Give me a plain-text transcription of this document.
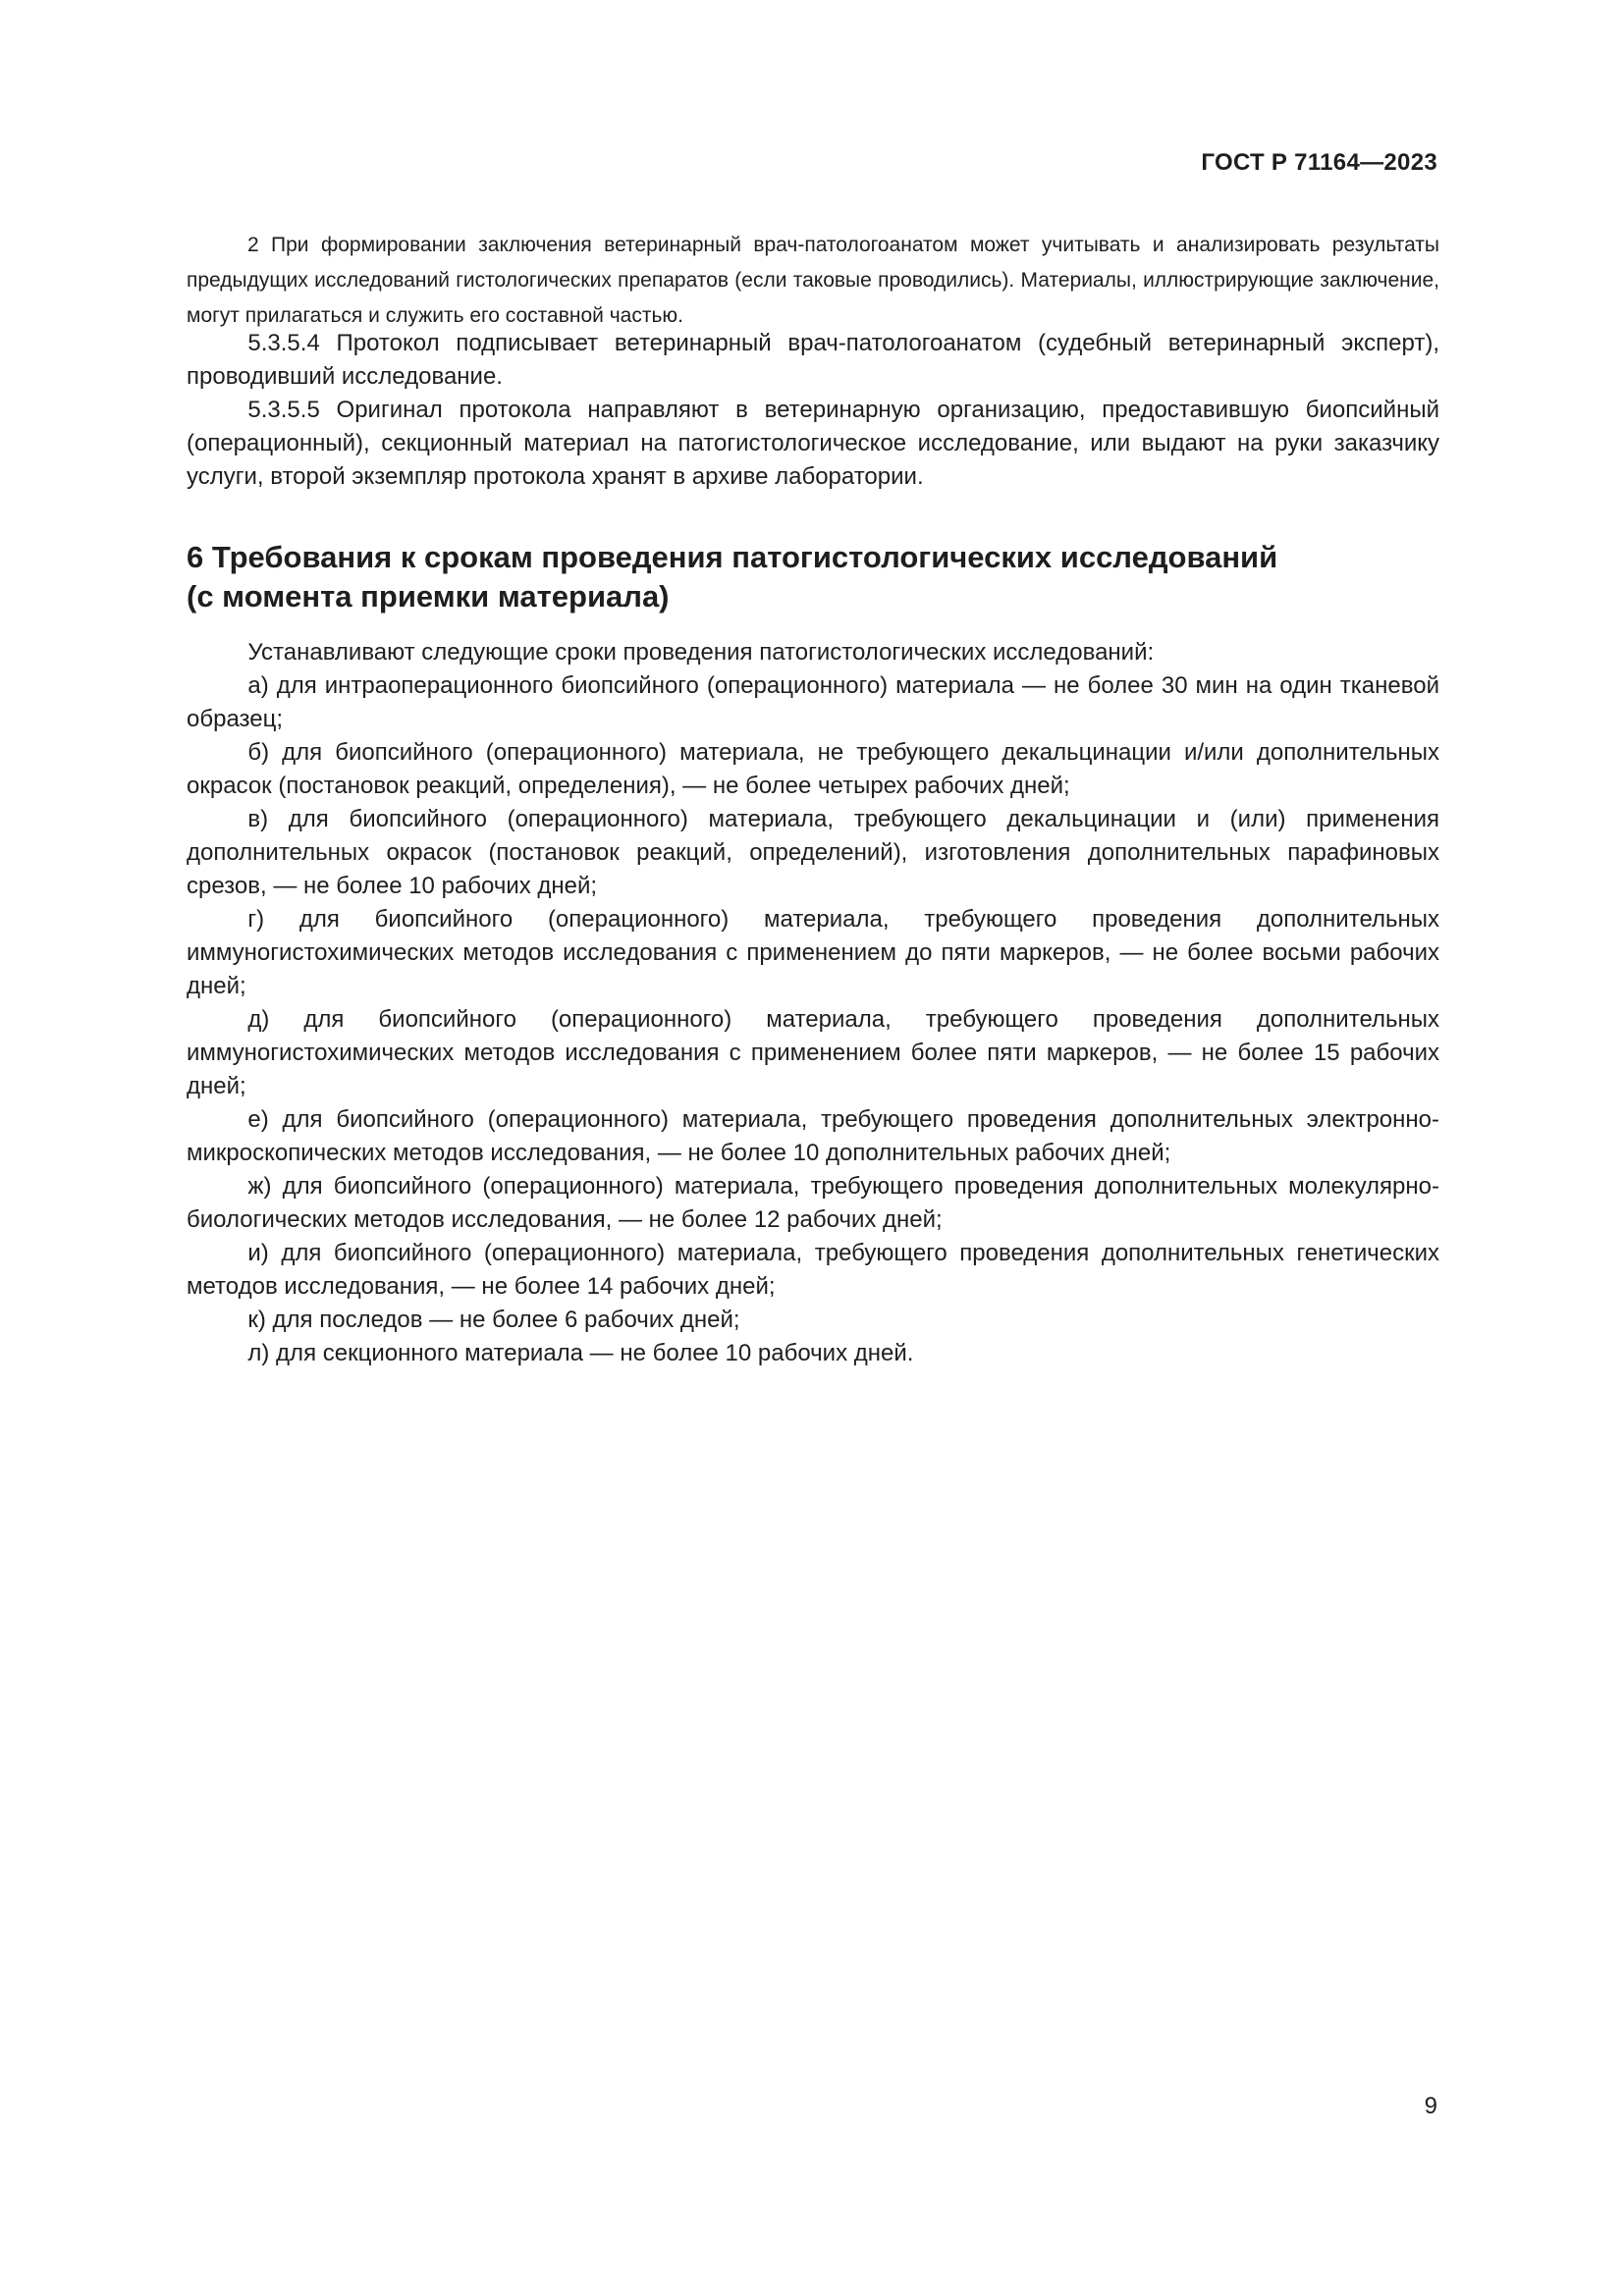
ГОСТ Р 71164—2023

2 При формировании заключения ветеринарный врач-патологоанатом может учитывать и анализировать результаты предыдущих исследований гистологических препаратов (если таковые проводились). Материалы, иллюстрирующие заключение, могут прилагаться и служить его составной частью.

5.3.5.4 Протокол подписывает ветеринарный врач-патологоанатом (судебный ветеринарный эксперт), проводивший исследование.

5.3.5.5 Оригинал протокола направляют в ветеринарную организацию, предоставившую биопсийный (операционный), секционный материал на патогистологическое исследование, или выдают на руки заказчику услуги, второй экземпляр протокола хранят в архиве лаборатории.

6 Требования к срокам проведения патогистологических исследований
(с момента приемки материала)

Устанавливают следующие сроки проведения патогистологических исследований:

а) для интраоперационного биопсийного (операционного) материала — не более 30 мин на один тканевой образец;

б) для биопсийного (операционного) материала, не требующего декальцинации и/или дополнительных окрасок (постановок реакций, определения), — не более четырех рабочих дней;

в) для биопсийного (операционного) материала, требующего декальцинации и (или) применения дополнительных окрасок (постановок реакций, определений), изготовления дополнительных парафиновых срезов, — не более 10 рабочих дней;

г) для биопсийного (операционного) материала, требующего проведения дополнительных иммуногистохимических методов исследования с применением до пяти маркеров, — не более восьми рабочих дней;

д) для биопсийного (операционного) материала, требующего проведения дополнительных иммуногистохимических методов исследования с применением более пяти маркеров, — не более 15 рабочих дней;

е) для биопсийного (операционного) материала, требующего проведения дополнительных электронно-микроскопических методов исследования, — не более 10 дополнительных рабочих дней;

ж) для биопсийного (операционного) материала, требующего проведения дополнительных молекулярно-биологических методов исследования, — не более 12 рабочих дней;

и) для биопсийного (операционного) материала, требующего проведения дополнительных генетических методов исследования, — не более 14 рабочих дней;

к) для последов — не более 6 рабочих дней;

л) для секционного материала — не более 10 рабочих дней.

9
